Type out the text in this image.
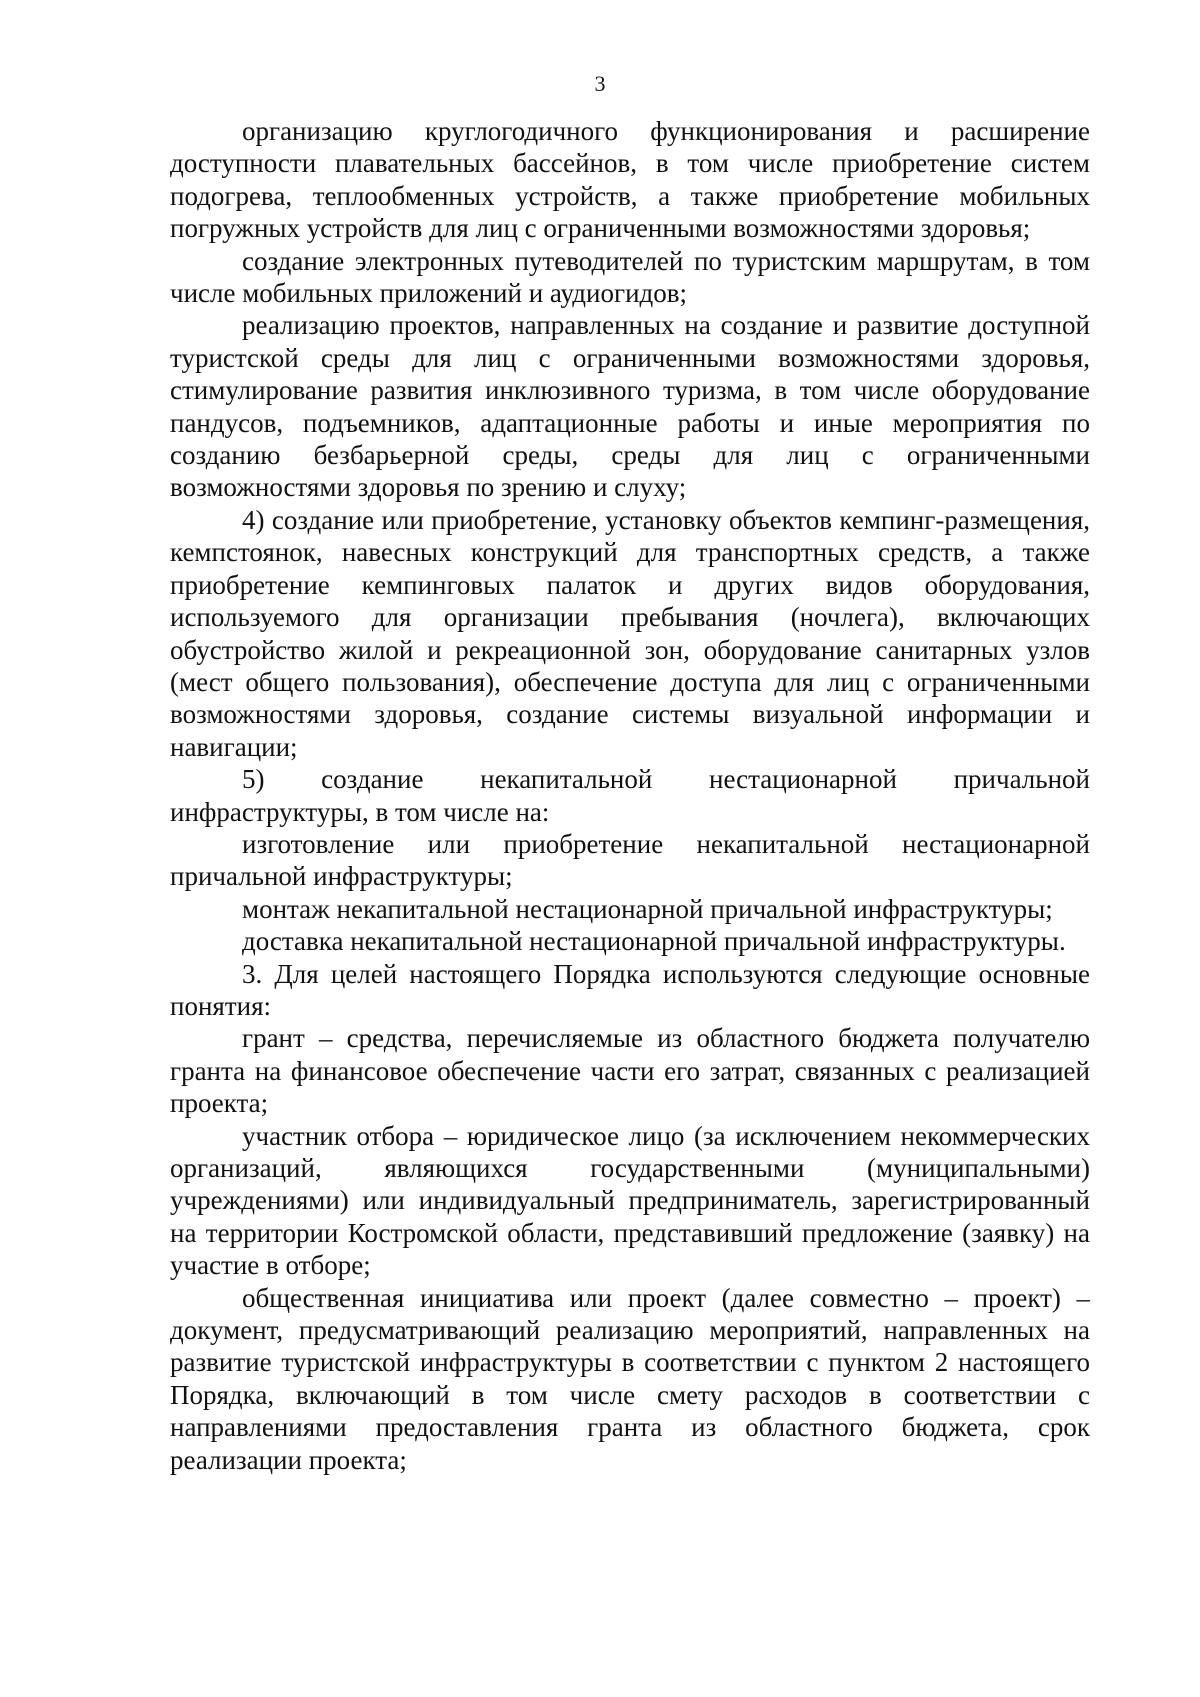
3

организацию круглогодичного функционирования и расширение доступности плавательных бассейнов, в том числе приобретение систем подогрева, теплообменных устройств, а также приобретение мобильных погружных устройств для лиц с ограниченными возможностями здоровья;

создание электронных путеводителей по туристским маршрутам, в том числе мобильных приложений и аудиогидов;

реализацию проектов, направленных на создание и развитие доступной туристской среды для лиц с ограниченными возможностями здоровья, стимулирование развития инклюзивного туризма, в том числе оборудование пандусов, подъемников, адаптационные работы и иные мероприятия по созданию безбарьерной среды, среды для лиц с ограниченными возможностями здоровья по зрению и слуху;

4) создание или приобретение, установку объектов кемпинг-размещения, кемпстоянок, навесных конструкций для транспортных средств, а также приобретение кемпинговых палаток и других видов оборудования, используемого для организации пребывания (ночлега), включающих обустройство жилой и рекреационной зон, оборудование санитарных узлов (мест общего пользования), обеспечение доступа для лиц с ограниченными возможностями здоровья, создание системы визуальной информации и навигации;

5) создание некапитальной нестационарной причальной инфраструктуры, в том числе на:

изготовление или приобретение некапитальной нестационарной причальной инфраструктуры;

монтаж некапитальной нестационарной причальной инфраструктуры;

доставка некапитальной нестационарной причальной инфраструктуры.

3. Для целей настоящего Порядка используются следующие основные понятия:

грант – средства, перечисляемые из областного бюджета получателю гранта на финансовое обеспечение части его затрат, связанных с реализацией проекта;

участник отбора – юридическое лицо (за исключением некоммерческих организаций, являющихся государственными (муниципальными) учреждениями) или индивидуальный предприниматель, зарегистрированный на территории Костромской области, представивший предложение (заявку) на участие в отборе;

общественная инициатива или проект (далее совместно – проект) – документ, предусматривающий реализацию мероприятий, направленных на развитие туристской инфраструктуры в соответствии с пунктом 2 настоящего Порядка, включающий в том числе смету расходов в соответствии с направлениями предоставления гранта из областного бюджета, срок реализации проекта;
